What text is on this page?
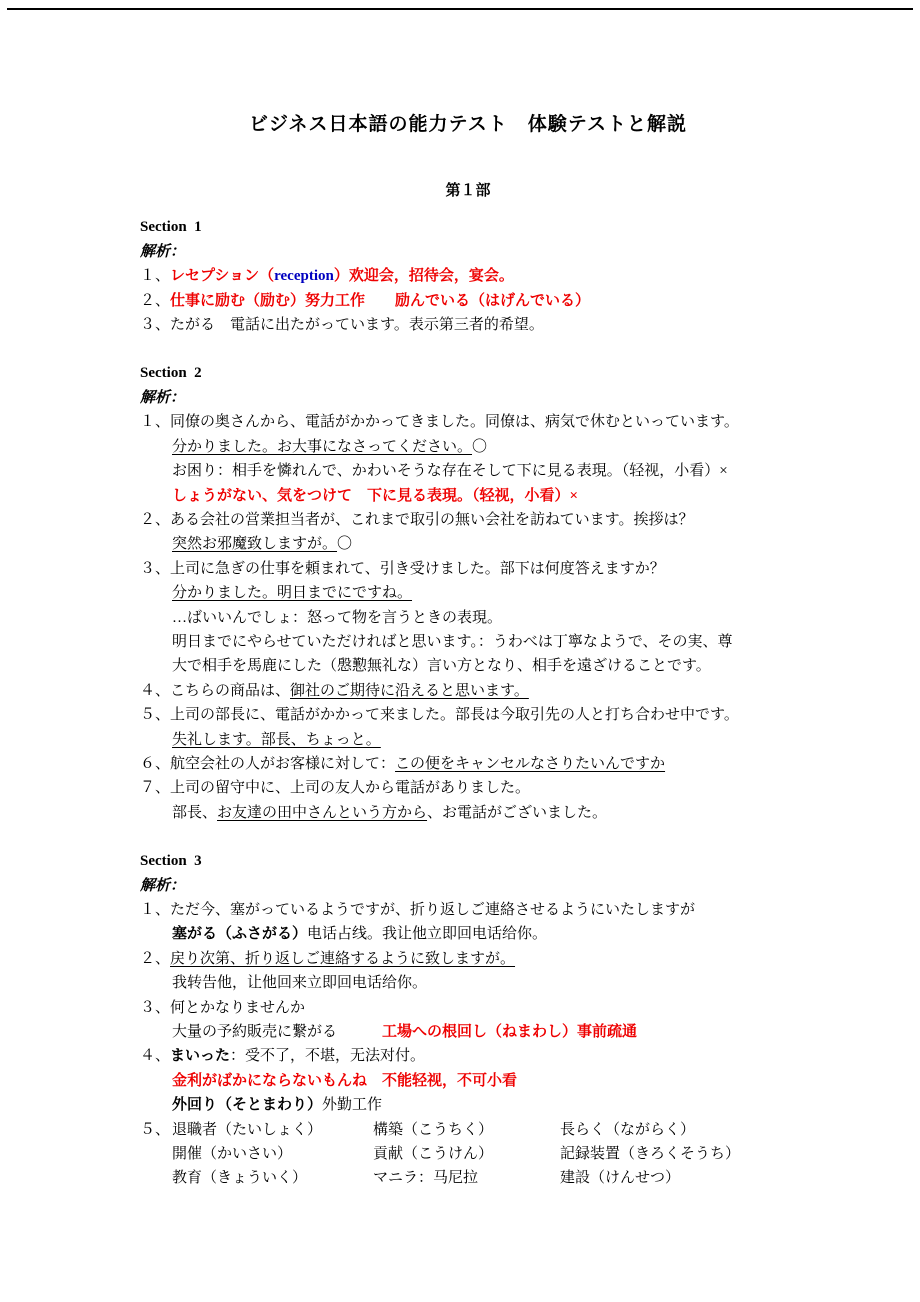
ビジネス日本語の能力テスト　体験テストと解説
第１部
Section  1
解析：
１、レセプション（reception）欢迎会，招待会，宴会。
２、仕事に励む（励む）努力工作　　励んでいる（はげんでいる）
３、たがる　電話に出たがっています。表示第三者的希望。
Section  2
解析：
１、同僚の奥さんから、電話がかかってきました。同僚は、病気で休むといっています。
分かりました。お大事になさってください。〇
お困り：相手を憐れんで、かわいそうな存在そして下に見る表現。（轻视，小看）×
しょうがない、気をつけて　下に見る表現。（轻视，小看）×
２、ある会社の営業担当者が、これまで取引の無い会社を訪ねています。挨拶は？
突然お邪魔致しますが。〇
３、上司に急ぎの仕事を頼まれて、引き受けました。部下は何度答えますか？
分かりました。明日までにですね。
…ばいいんでしょ：怒って物を言うときの表現。
明日までにやらせていただければと思います。：うわべは丁寧なようで、その実、尊
大で相手を馬鹿にした（慇懃無礼な）言い方となり、相手を遠ざけることです。
４、こちらの商品は、御社のご期待に沿えると思います。
５、上司の部長に、電話がかかって来ました。部長は今取引先の人と打ち合わせ中です。
失礼します。部長、ちょっと。
６、航空会社の人がお客様に対して：この便をキャンセルなさりたいんですか
７、上司の留守中に、上司の友人から電話がありました。
部長、お友達の田中さんという方から、お電話がございました。
Section  3
解析：
１、ただ今、塞がっているようですが、折り返しご連絡させるようにいたしますが
塞がる（ふさがる）电话占线。我让他立即回电话给你。
２、戻り次第、折り返しご連絡するように致しますが。
我转告他，让他回来立即回电话给你。
３、何とかなりませんか
大量の予約販売に繋がる　　　	工場への根回し（ねまわし）事前疏通
４、まいった：受不了，不堪，无法对付。
金利がばかにならないもんね　不能轻视，不可小看
外回り（そとまわり）外勤工作
５、 退職者（たいしょく）	構築（こうちく）	長らく（ながらく）
開催（かいさい）	貢献（こうけん）	記録装置（きろくそうち）
教育（きょういく）	マニラ：马尼拉	建設（けんせつ）
